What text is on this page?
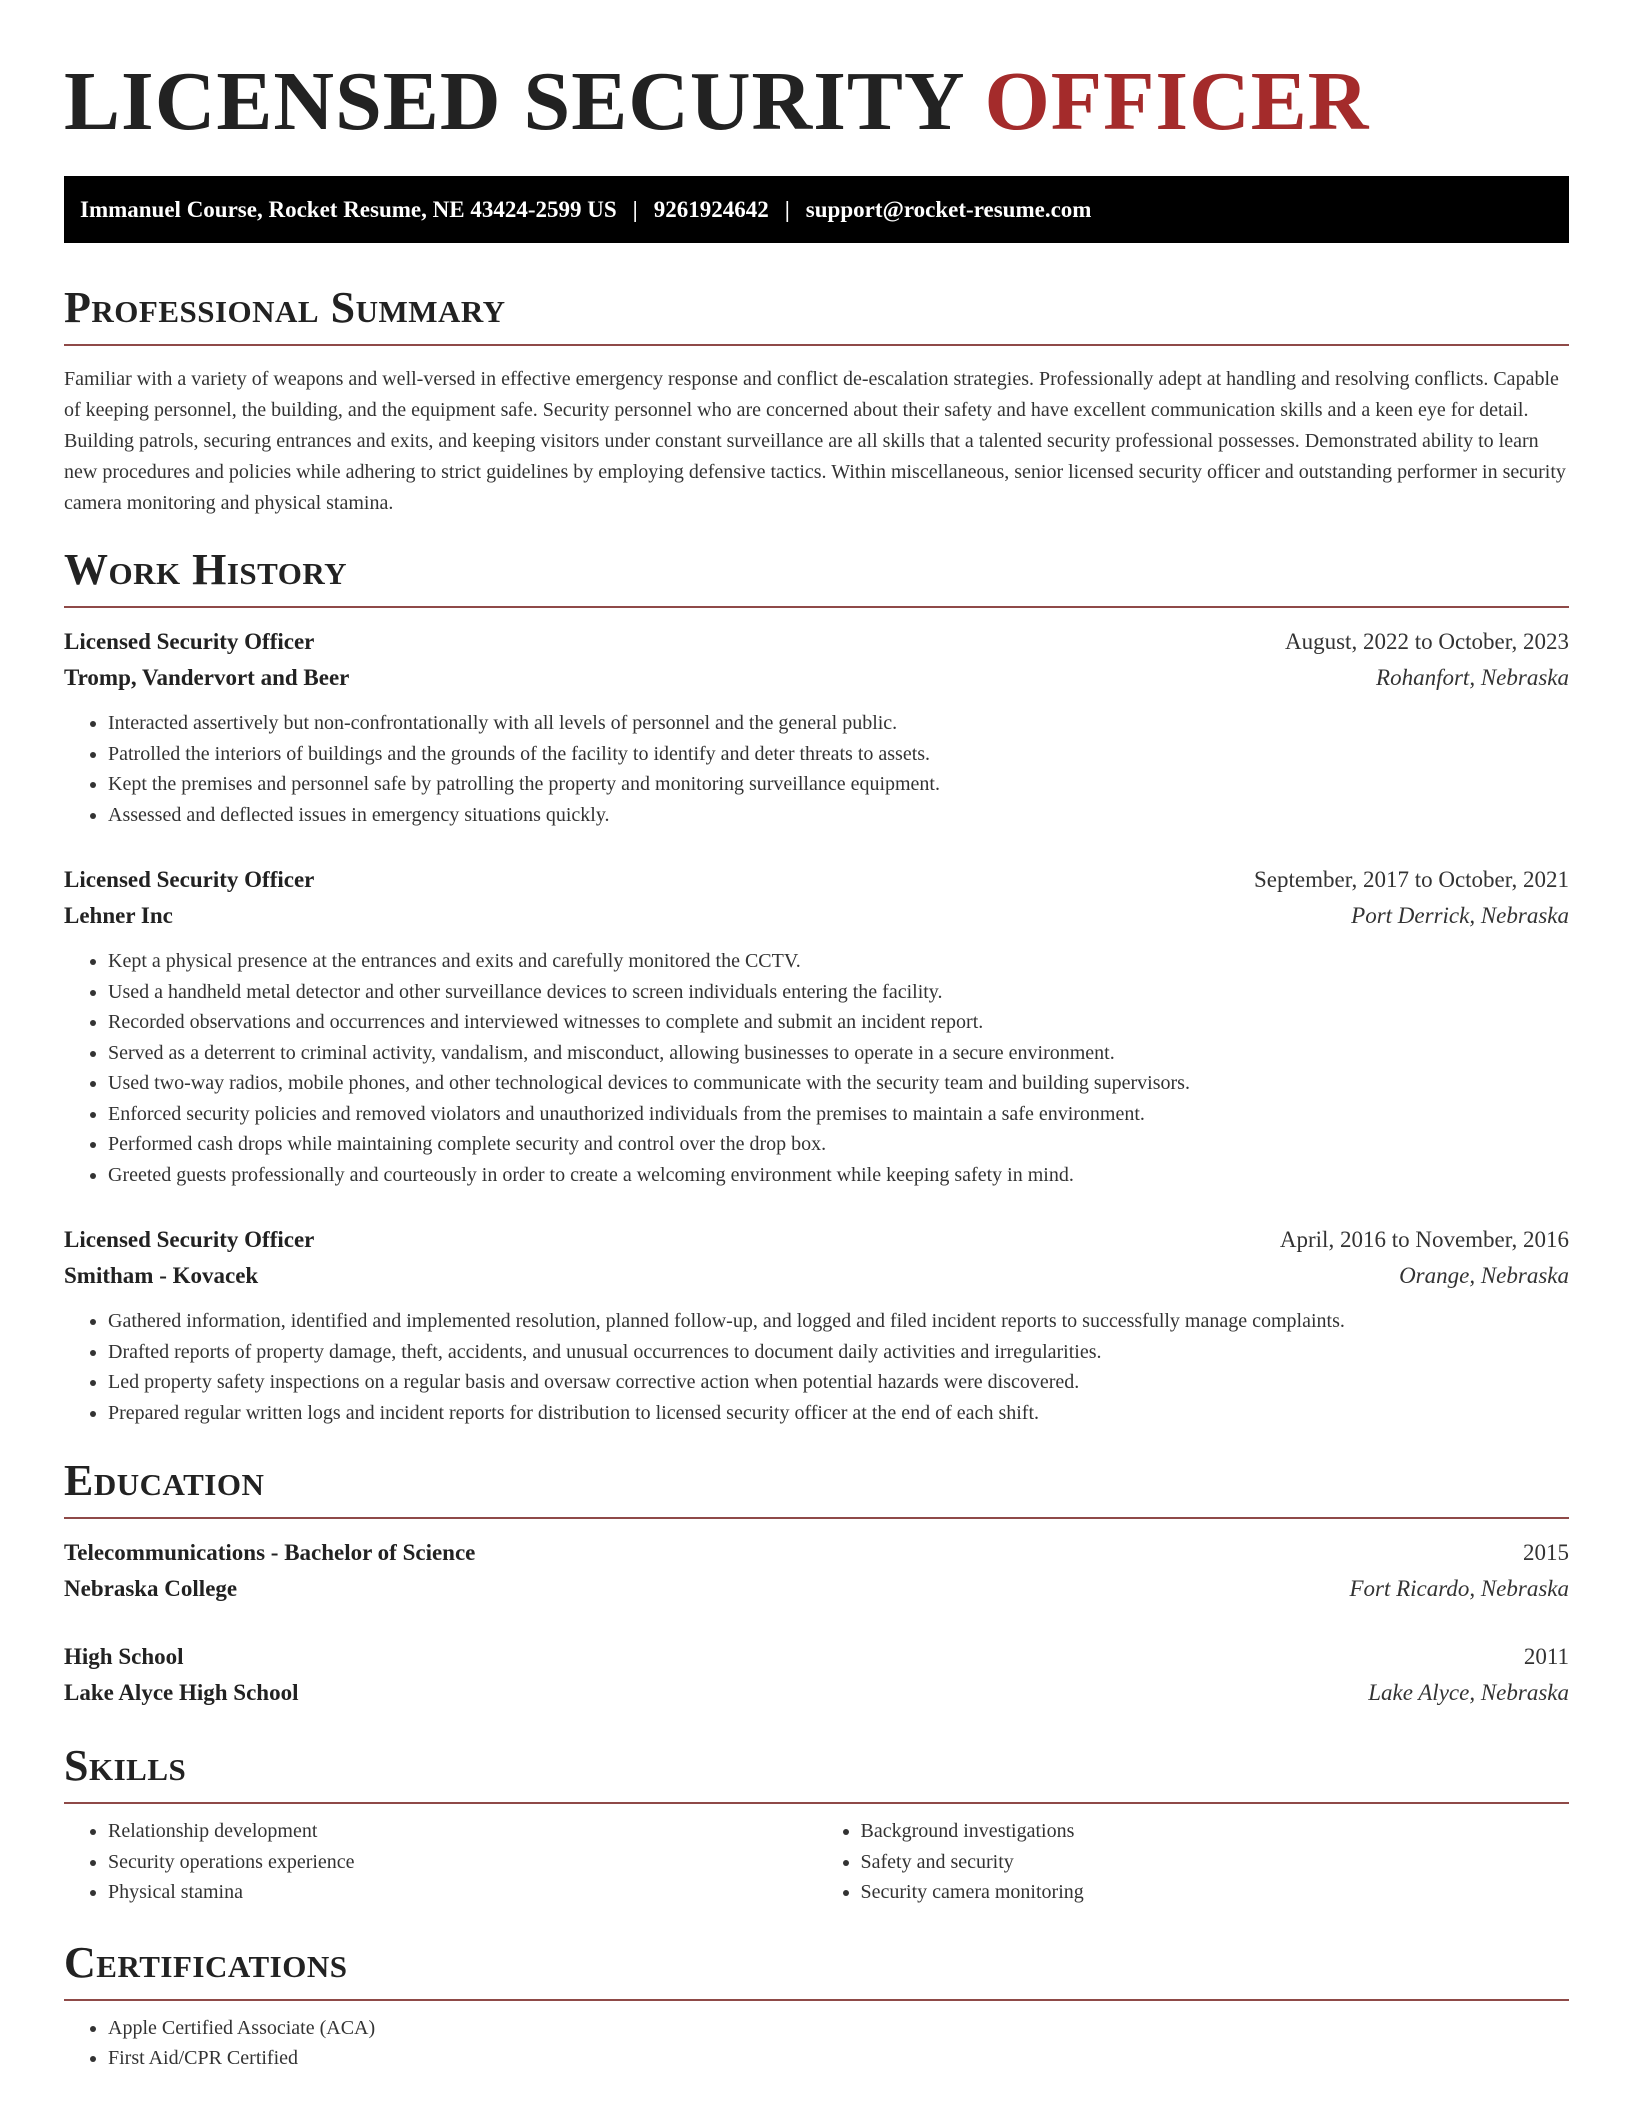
LICENSED SECURITY OFFICER
Immanuel Course, Rocket Resume, NE 43424-2599 US | 9261924642 | support@rocket-resume.com
Professional Summary
Familiar with a variety of weapons and well-versed in effective emergency response and conflict de-escalation strategies. Professionally adept at handling and resolving conflicts. Capable of keeping personnel, the building, and the equipment safe. Security personnel who are concerned about their safety and have excellent communication skills and a keen eye for detail. Building patrols, securing entrances and exits, and keeping visitors under constant surveillance are all skills that a talented security professional possesses. Demonstrated ability to learn new procedures and policies while adhering to strict guidelines by employing defensive tactics. Within miscellaneous, senior licensed security officer and outstanding performer in security camera monitoring and physical stamina.
Work History
Licensed Security Officer	August, 2022 to October, 2023
Tromp, Vandervort and Beer	Rohanfort, Nebraska
• Interacted assertively but non-confrontationally with all levels of personnel and the general public.
• Patrolled the interiors of buildings and the grounds of the facility to identify and deter threats to assets.
• Kept the premises and personnel safe by patrolling the property and monitoring surveillance equipment.
• Assessed and deflected issues in emergency situations quickly.
Licensed Security Officer	September, 2017 to October, 2021
Lehner Inc	Port Derrick, Nebraska
• Kept a physical presence at the entrances and exits and carefully monitored the CCTV.
• Used a handheld metal detector and other surveillance devices to screen individuals entering the facility.
• Recorded observations and occurrences and interviewed witnesses to complete and submit an incident report.
• Served as a deterrent to criminal activity, vandalism, and misconduct, allowing businesses to operate in a secure environment.
• Used two-way radios, mobile phones, and other technological devices to communicate with the security team and building supervisors.
• Enforced security policies and removed violators and unauthorized individuals from the premises to maintain a safe environment.
• Performed cash drops while maintaining complete security and control over the drop box.
• Greeted guests professionally and courteously in order to create a welcoming environment while keeping safety in mind.
Licensed Security Officer	April, 2016 to November, 2016
Smitham - Kovacek	Orange, Nebraska
• Gathered information, identified and implemented resolution, planned follow-up, and logged and filed incident reports to successfully manage complaints.
• Drafted reports of property damage, theft, accidents, and unusual occurrences to document daily activities and irregularities.
• Led property safety inspections on a regular basis and oversaw corrective action when potential hazards were discovered.
• Prepared regular written logs and incident reports for distribution to licensed security officer at the end of each shift.
Education
Telecommunications - Bachelor of Science	2015
Nebraska College	Fort Ricardo, Nebraska
High School	2011
Lake Alyce High School	Lake Alyce, Nebraska
Skills
• Relationship development
• Security operations experience
• Physical stamina
• Background investigations
• Safety and security
• Security camera monitoring
Certifications
• Apple Certified Associate (ACA)
• First Aid/CPR Certified
